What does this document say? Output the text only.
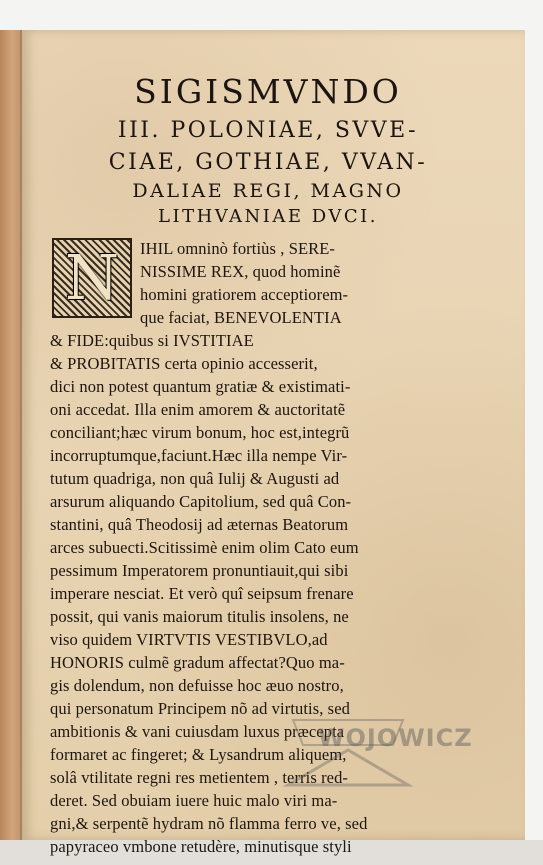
SIGISMVNDO
III. POLONIAE, SVVE-
CIAE, GOTHIAE, VVAN-
DALIAE REGI, MAGNO
LITHVANIAE DVCI.
N IHIL omninò fortiùs , SERE-
NISSIME REX, quod hominẽ
homini gratiorem acceptiorem-
que faciat, BENEVOLENTIA
& FIDE:quibus si IVSTITIAE
& PROBITATIS certa opinio accesserit,
dici non potest quantum gratiæ & existimati-
oni accedat. Illa enim amorem & auctoritatẽ
conciliant;hæc virum bonum, hoc est,integrũ
incorruptumque,faciunt.Hæc illa nempe Vir-
tutum quadriga, non quâ Iulij & Augusti ad
arsurum aliquando Capitolium, sed quâ Con-
stantini, quâ Theodosij ad æternas Beatorum
arces subuecti.Scitissimè enim olim Cato eum
pessimum Imperatorem pronuntiauit,qui sibi
imperare nesciat. Et verò quî seipsum frenare
possit, qui vanis maiorum titulis insolens, ne
viso quidem VIRTVTIS VESTIBVLO,ad
HONORIS culmẽ gradum affectat?Quo ma-
gis dolendum, non defuisse hoc æuo nostro,
qui personatum Principem nõ ad virtutis, sed
ambitionis & vani cuiusdam luxus præcepta
formaret ac fingeret; & Lysandrum aliquem,
solâ vtilitate regni res metientem , terris red-
deret. Sed obuiam iuere huic malo viri ma-
gni,& serpentẽ hydram nõ flamma ferro ve, sed
papyraceo vmbone retudère, minutisque styli
WOJOWICZ
